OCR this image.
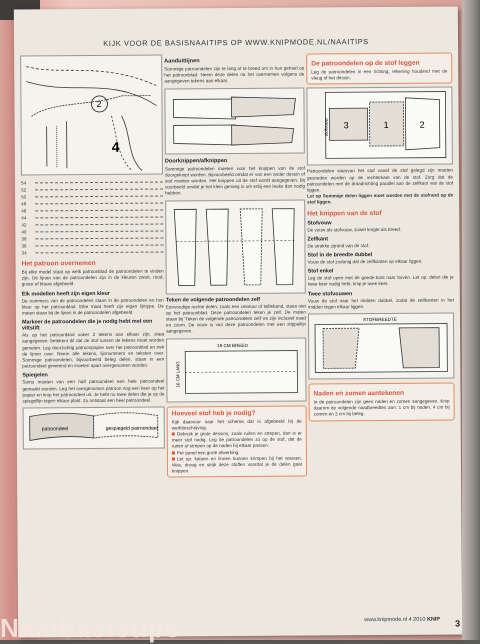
KIJK VOOR DE BASISNAAITIPS OP WWW.KNIPMODE.NL/NAAITIPS
2
4
54
52
50
48
46
44
42
40
38
36
34
Het patroon overnemen
Bij elke model staat op welk patroonblad de patroondelen te vinden zijn. De lijnen van de patroondelen zijn in de kleuren zwart, rood, groen of blauw afgebeeld.
Elk modellen heeft zijn eigen kleur
De nummers van de patroondelen staan in de patroondelen en hun kleur op het patroonblad. Elke maat heeft zijn eigen lijntype. De maten staan bij de lijnen in de patroondelen afgebeeld.
Markeer de patroondelen die je nodig hebt met een viltstift
Als op het patroonblad vaker 2 tekens aan elkaar zijn, staat aangegeven. betekent dit dat de stof tussen de tekens moet worden gemeten. Leg doorzichtig patroonpapier over het patroonblad en trek de lijnen over. Neem alle tekens, lijnnummers en teksten over. Sommige patroondelen, bijvoorbeeld beleg delen, staan in een patroondeel geweend en moeten apart overgenomen worden.
Spiegelen
Soms moeten van een half patroondeel een hele patroondeel gemaakt worden. Leg het overgenomen patroon nog een keer op het papier en knip het patroondeel uit. Je hebt nu twee delen die je op de spiegellijn tegen elkaar plakt. Zo ontstaat een heel patroondeel.
patroondeel	gespiegeld patroondeel
Aanduitlijnen
Sommige patroondelen zijn te lang of te breed om in hun geheel op het patroonblad. Neem deze delen na het overnemen volgens de aangegeven tekens aan elkaar.
Doorknippen/afknippen
Sommige patroondelen moeten voor het knippen van de stof doorgeknipt worden. Bijvoorbeeld omdat er van een ander dessin of stof moeten worden. Het knippen uit de stof wordt aangegeven. Bij voorbeeld omdat je het klein genoeg is om erbij een leuke dan nodig hebben.
Teken de volgende patroondelen zelf
Eenvoudige rechte delen, zoals een ceintuur of tailleband, staan niet op het patroonblad. Deze patroondelen teken je zelf. De maten staan bij 'Teken de volgende patroondelen zelf' en zijn inclusief naad en zoom. De vouw is van deze patroondelen met een stippellijn aangegeven.
16 CM BREED
10 CM LANG
Hoeveel stof heb je nodig?
Kijk daarvoor naar het schema dat is afgebeeld bij de werkbeschrijving.
Gebruik je grote dessins, zoals ruiten en strepen, dan is er meer stof nodig. Leg de patroondelen zo op de stof, dat de ruiten of strepen op de naden bij elkaar passen.
Per panel een grote afwerking.
Let op: katoen en linnen kunnen krimpen bij het wassen. Was, droog en strijk deze stoffen voordat je de delen gaat knippen.
De patroondelen op de stof leggen
Leg de patroondelen in een richting, rekening houdend met de vleug of het dessin.
stofvouw 3	1	2
Patroondelen waarvan het stof vanaf de stof gelegd zijn moeten gesneden worden op de rechterkant van de stof. Zorg dat de patroondelen met de draadrichting parallel aan de zelfkant van de stof liggen.
Let op Sommige delen liggen moet worden met de stofrand op de stof liggen.
Het knippen van de stof
Stofvouw
De vouw als stofvouw, zowel lengte als breed.
Zelfkant
De strakke zijrand van de stof.
Stof in de breedte dubbel
Vouw de stof zodanig dat de zelfkanten op elkaar liggen.
Stof enkel
Leg de stof open met de goede kant naar boven. Let op: delen die je twee keer nodig hebt, knip je twee keer.
Twee stofvouwen
Vouw de stof naar het midden dubbel, zodat de zelfkanten in het midden tegen elkaar liggen.
STOFBREEDTE
Naden en zomen aantekenen
In de patroondelen zijn geen naden en zomen aangegeven. Knip daarom de volgende naadbreedtes aan: 1 cm bij naden, 4 cm bij zomen en 2 cm bij beleg.
www.knipmode.nl 4 2010 KNIP 3
Naaibasistips
